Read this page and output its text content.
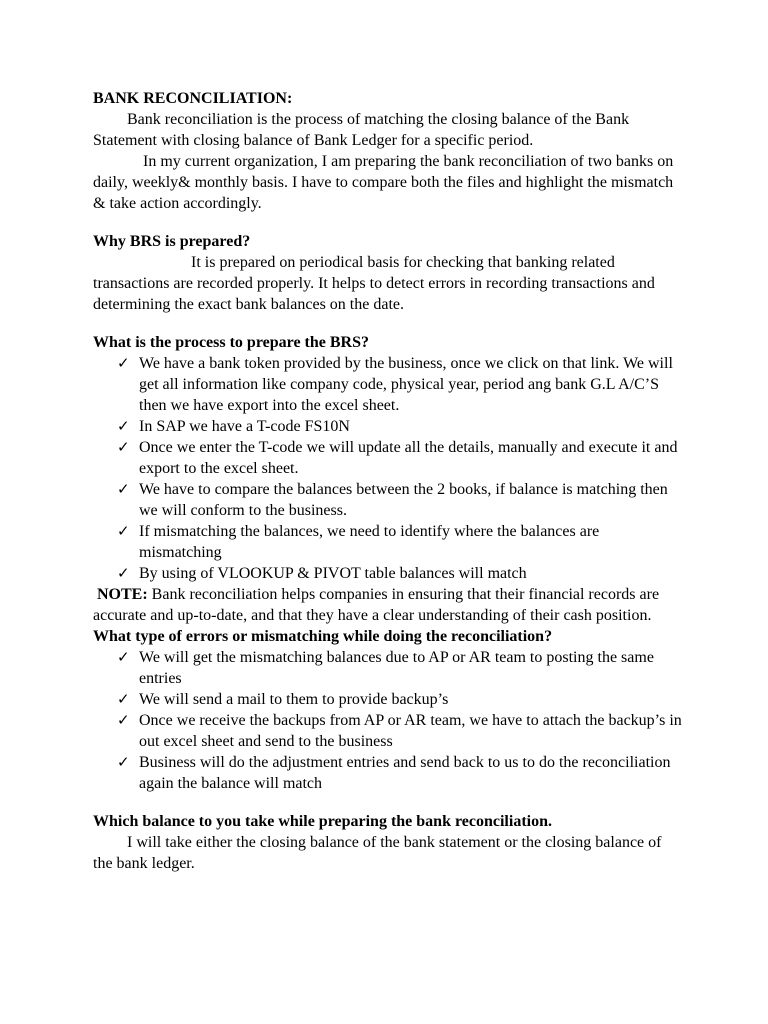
BANK RECONCILIATION:

Bank reconciliation is the process of matching the closing balance of the Bank Statement with closing balance of Bank Ledger for a specific period.

In my current organization, I am preparing the bank reconciliation of two banks on daily, weekly& monthly basis. I have to compare both the files and highlight the mismatch & take action accordingly.

Why BRS is prepared?

It is prepared on periodical basis for checking that banking related transactions are recorded properly. It helps to detect errors in recording transactions and determining the exact bank balances on the date.

What is the process to prepare the BRS?

✓ We have a bank token provided by the business, once we click on that link. We will get all information like company code, physical year, period ang bank G.L A/C’S then we have export into the excel sheet.
✓ In SAP we have a T-code FS10N
✓ Once we enter the T-code we will update all the details, manually and execute it and export to the excel sheet.
✓ We have to compare the balances between the 2 books, if balance is matching then we will conform to the business.
✓ If mismatching the balances, we need to identify where the balances are mismatching
✓ By using of VLOOKUP & PIVOT table balances will match

NOTE: Bank reconciliation helps companies in ensuring that their financial records are accurate and up-to-date, and that they have a clear understanding of their cash position.

What type of errors or mismatching while doing the reconciliation?

✓ We will get the mismatching balances due to AP or AR team to posting the same entries
✓ We will send a mail to them to provide backup’s
✓ Once we receive the backups from AP or AR team, we have to attach the backup’s in out excel sheet and send to the business
✓ Business will do the adjustment entries and send back to us to do the reconciliation again the balance will match

Which balance to you take while preparing the bank reconciliation.

I will take either the closing balance of the bank statement or the closing balance of the bank ledger.
